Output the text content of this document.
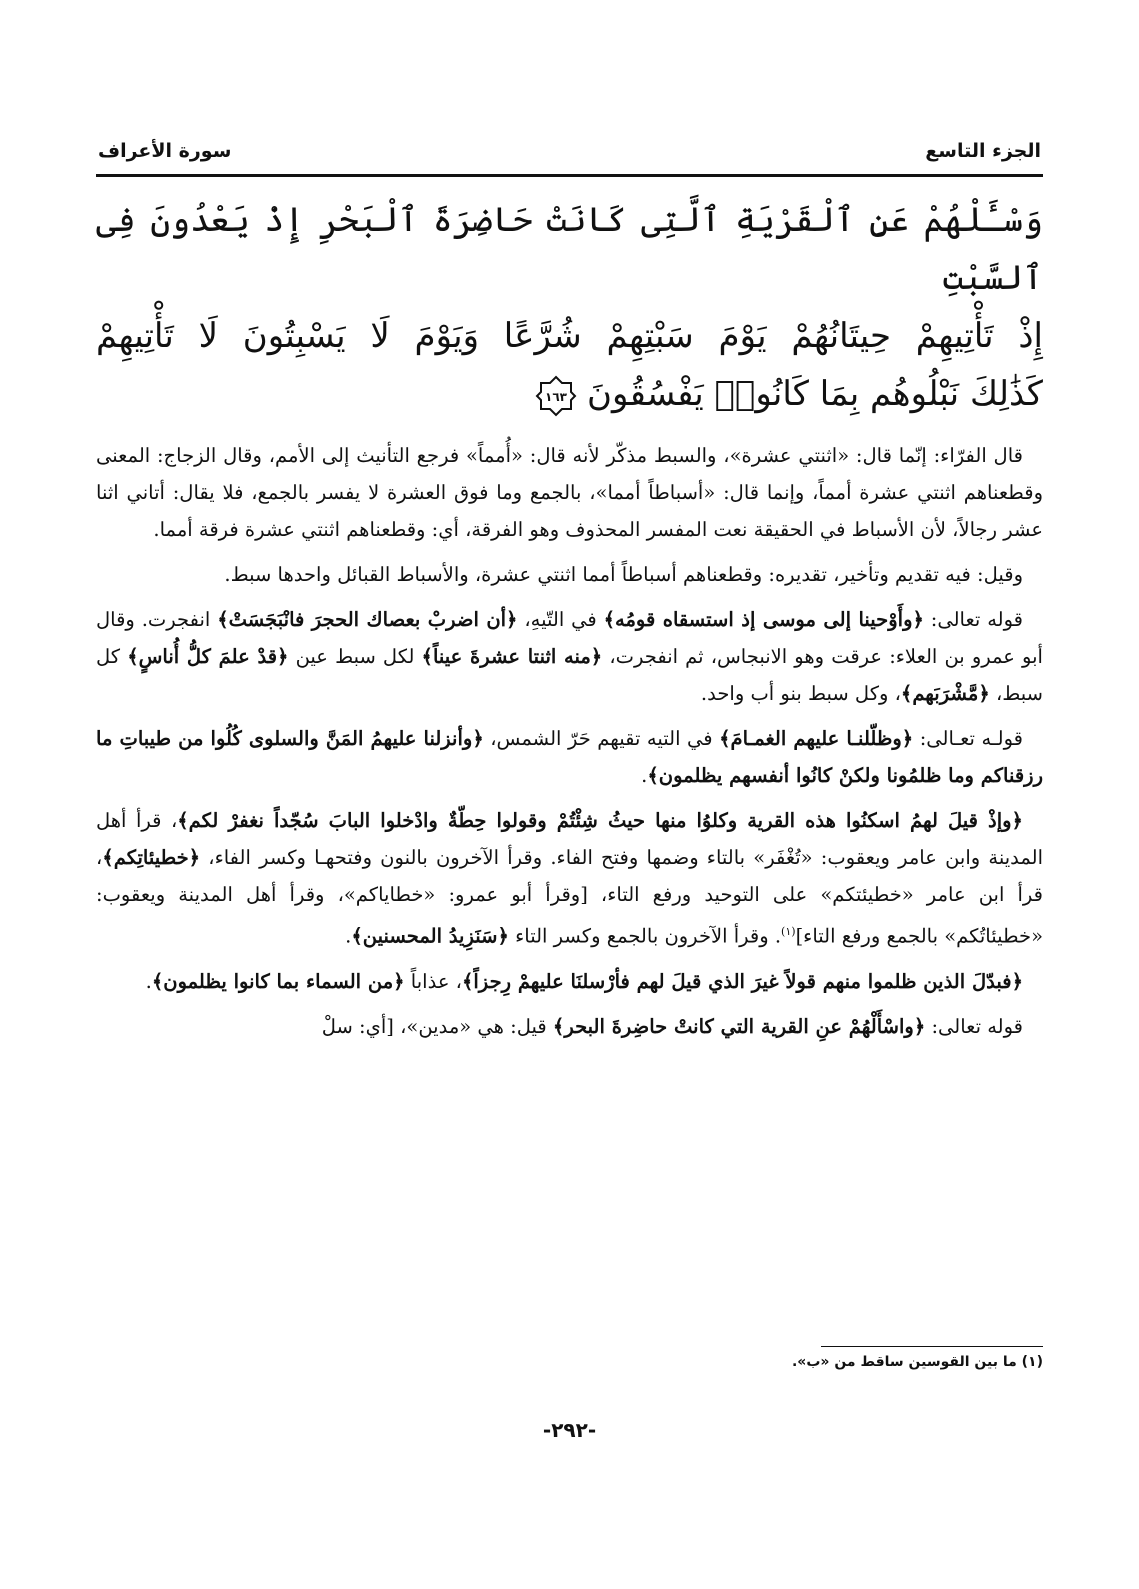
الجزء التاسع
سورة الأعراف
وَسْـَٔلْهُمْ عَنِ ٱلْقَرْيَةِ ٱلَّتِى كَانَتْ حَاضِرَةَ ٱلْبَحْرِ إِذْ يَعْدُونَ فِى ٱلسَّبْتِ
إِذْ تَأْتِيهِمْ حِيتَانُهُمْ يَوْمَ سَبْتِهِمْ شُرَّعًا وَيَوْمَ لَا يَسْبِتُونَ لَا تَأْتِيهِمْ
كَذَٰلِكَ نَبْلُوهُم بِمَا كَانُوا۟ يَفْسُقُونَ
١٦٣

قال الفرّاء: إنّما قال: «اثنتي عشرة»، والسبط مذكّر لأنه قال: «أُمماً» فرجع التأنيث إلى الأمم، وقال الزجاج: المعنى وقطعناهم اثنتي عشرة أمماً، وإنما قال: «أسباطاً أمما»، بالجمع وما فوق العشرة لا يفسر بالجمع، فلا يقال: أتاني اثنا عشر رجالاً، لأن الأسباط في الحقيقة نعت المفسر المحذوف وهو الفرقة، أي: وقطعناهم اثنتي عشرة فرقة أمما.

وقيل: فيه تقديم وتأخير، تقديره: وقطعناهم أسباطاً أمما اثنتي عشرة، والأسباط القبائل واحدها سبط.

قوله تعالى: ﴿وأَوْحينا إلى موسى إذ استسقاه قومُه﴾ في التّيهِ، ﴿أن اضربْ بعصاك الحجرَ فانْبَجَسَتْ﴾ انفجرت. وقال أبو عمرو بن العلاء: عرقت وهو الانبجاس، ثم انفجرت، ﴿منه اثنتا عشرةَ عيناً﴾ لكل سبط عين ﴿قدْ علمَ كلُّ أُناسٍ﴾ كل سبط، ﴿مَّشْرَبَهم﴾، وكل سبط بنو أب واحد.

قولـه تعـالى: ﴿وظلّلنـا عليهم الغمـامَ﴾ في التيه تقيهم حَرّ الشمس، ﴿وأنزلنا عليهمُ المَنَّ والسلوى كُلُوا من طيباتِ ما رزقناكم وما ظلمُونا ولكنْ كانُوا أنفسهم يظلمون﴾.

﴿وإذْ قيلَ لهمُ اسكنُوا هذه القرية وكلوُا منها حيثُ شِئْتُمْ وقولوا حِطّةٌ وادْخلوا البابَ سُجّداً نغفرْ لكم﴾، قرأ أهل المدينة وابن عامر ويعقوب: «تُغْفَر» بالتاء وضمها وفتح الفاء. وقرأ الآخرون بالنون وفتحهـا وكسر الفاء، ﴿خطيئاتِكم﴾، قرأ ابن عامر «خطيئتكم» على التوحيد ورفع التاء، [وقرأ أبو عمرو: «خطاياكم»، وقرأ أهل المدينة ويعقوب: «خطيئاتُكم» بالجمع ورفع التاء]$^{(١)}$. وقرأ الآخرون بالجمع وكسر التاء ﴿سَنَزِيدُ المحسنين﴾.

﴿فبدّلَ الذين ظلموا منهم قولاً غيرَ الذي قيلَ لهم فأرْسلنَا عليهمْ رِجزاً﴾، عذاباً ﴿من السماء بما كانوا يظلمون﴾.

قوله تعالى: ﴿واسْأَلْهُمْ عنِ القرية التي كانتْ حاضِرةَ البحر﴾ قيل: هي «مدين»، [أي: سلْ

(١) ما بين القوسين ساقط من «ب».
-٢٩٢-
